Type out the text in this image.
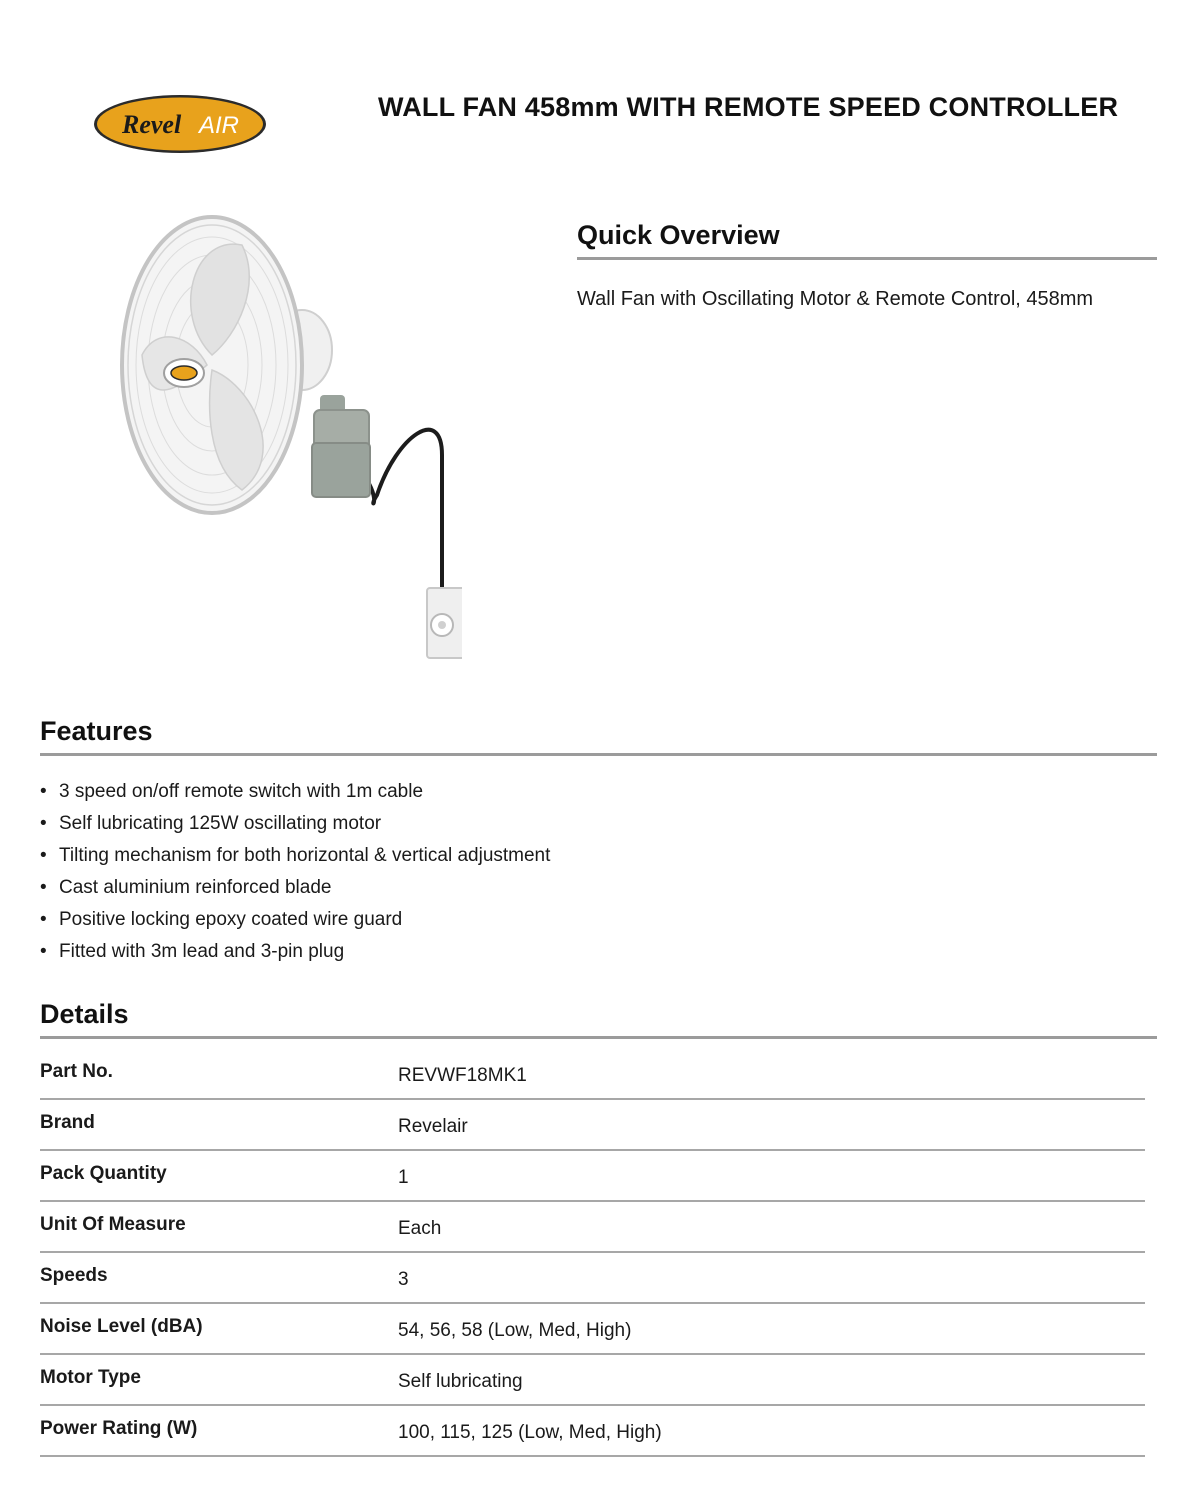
Revel AIR
WALL FAN 458mm WITH REMOTE SPEED CONTROLLER
Quick Overview

Wall Fan with Oscillating Motor & Remote Control, 458mm

Features
• 3 speed on/off remote switch with 1m cable
• Self lubricating 125W oscillating motor
• Tilting mechanism for both horizontal & vertical adjustment
• Cast aluminium reinforced blade
• Positive locking epoxy coated wire guard
• Fitted with 3m lead and 3-pin plug
Details
Part No.	REVWF18MK1
Brand	Revelair
Pack Quantity	1
Unit Of Measure	Each
Speeds	3
Noise Level (dBA)	54, 56, 58 (Low, Med, High)
Motor Type	Self lubricating
Power Rating (W)	100, 115, 125 (Low, Med, High)
